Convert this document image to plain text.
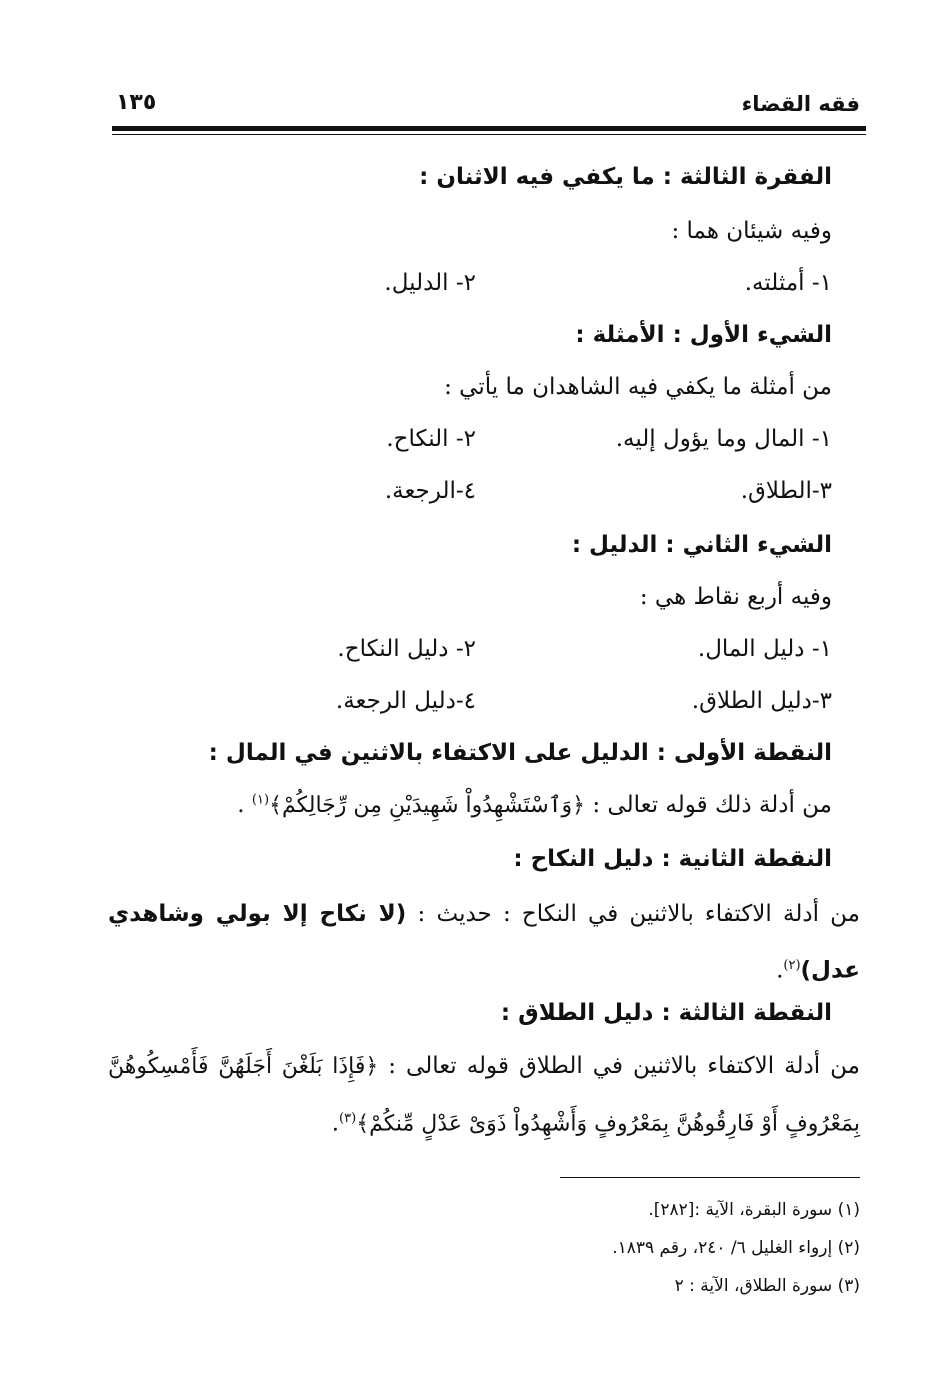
فقه القضاء
١٣٥
الفقرة الثالثة : ما يكفي فيه الاثنان :
وفيه شيئان هما :
١- أمثلته.
٢- الدليل.
الشيء الأول : الأمثلة :
من أمثلة ما يكفي فيه الشاهدان ما يأتي :
١- المال وما يؤول إليه.
٢- النكاح.
٣-الطلاق.
٤-الرجعة.
الشيء الثاني : الدليل :
وفيه أربع نقاط هي :
١- دليل المال.
٢- دليل النكاح.
٣-دليل الطلاق.
٤-دليل الرجعة.
النقطة الأولى : الدليل على الاكتفاء بالاثنين في المال :
من أدلة ذلك قوله تعالى : ﴿وَٱسْتَشْهِدُواْ شَهِيدَيْنِ مِن رِّجَالِكُمْ﴾$^{(١)}$ .
النقطة الثانية : دليل النكاح :
من أدلة الاكتفاء بالاثنين في النكاح : حديث : (لا نكاح إلا بولي وشاهدي عدل)$^{(٢)}$.
النقطة الثالثة : دليل الطلاق :
من أدلة الاكتفاء بالاثنين في الطلاق قوله تعالى : ﴿فَإِذَا بَلَغْنَ أَجَلَهُنَّ فَأَمْسِكُوهُنَّ بِمَعْرُوفٍ أَوْ فَارِقُوهُنَّ بِمَعْرُوفٍ وَأَشْهِدُواْ ذَوَىْ عَدْلٍ مِّنكُمْ﴾$^{(٣)}$.
(١) سورة البقرة، الآية :[٢٨٢].
(٢) إرواء الغليل ٦/ ٢٤٠، رقم ١٨٣٩.
(٣) سورة الطلاق، الآية : ٢
